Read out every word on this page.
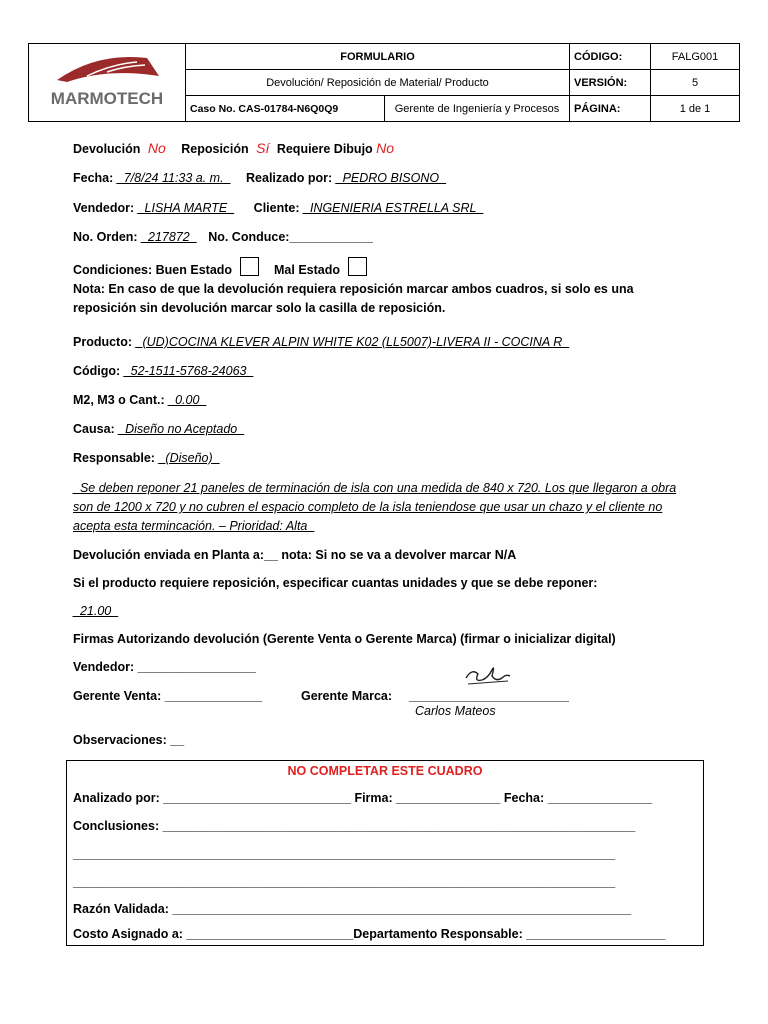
MARMOTECH	FORMULARIO		CÓDIGO:	FALG001
	Devolución/ Reposición de Material/ Producto		VERSIÓN:	5
	Caso No. CAS-01784-N6Q0Q9	Gerente de Ingeniería y Procesos	PÁGINA:	1 de 1
Devolución No Reposición Sí Requiere Dibujo No
Fecha: _7/8/24 11:33 a. m._ Realizado por: _PEDRO BISONO_
Vendedor: _LISHA MARTE_ Cliente: _INGENIERIA ESTRELLA SRL_
No. Orden: _217872_ No. Conduce:____________
Condiciones: Buen Estado	Mal Estado
Nota: En caso de que la devolución requiera reposición marcar ambos cuadros, si solo es una reposición sin devolución marcar solo la casilla de reposición.
Producto: _(UD)COCINA KLEVER ALPIN WHITE K02 (LL5007)-LIVERA II - COCINA R_
Código: _52-1511-5768-24063_
M2, M3 o Cant.: _0.00_
Causa: _Diseño no Aceptado_
Responsable: _(Diseño)_
_Se deben reponer 21 paneles de terminación de isla con una medida de 840 x 720. Los que llegaron a obra son de 1200 x 720 y no cubren el espacio completo de la isla teniendose que usar un chazo y el cliente no acepta esta termincación. – Prioridad: Alta_
Devolución enviada en Planta a:__ nota: Si no se va a devolver marcar N/A
Si el producto requiere reposición, especificar cuantas unidades y que se debe reponer:
_21.00_
Firmas Autorizando devolución (Gerente Venta o Gerente Marca) (firmar o inicializar digital)
Vendedor: _________________
Gerente Venta: ______________	Gerente Marca: _______________________
Carlos Mateos
Observaciones: __
NO COMPLETAR ESTE CUADRO
Analizado por: ___________________________ Firma: _______________ Fecha: _______________
Conclusiones: ____________________________________________________________________
______________________________________________________________________________
______________________________________________________________________________
Razón Validada: __________________________________________________________________
Costo Asignado a: ________________________Departamento Responsable: ____________________
